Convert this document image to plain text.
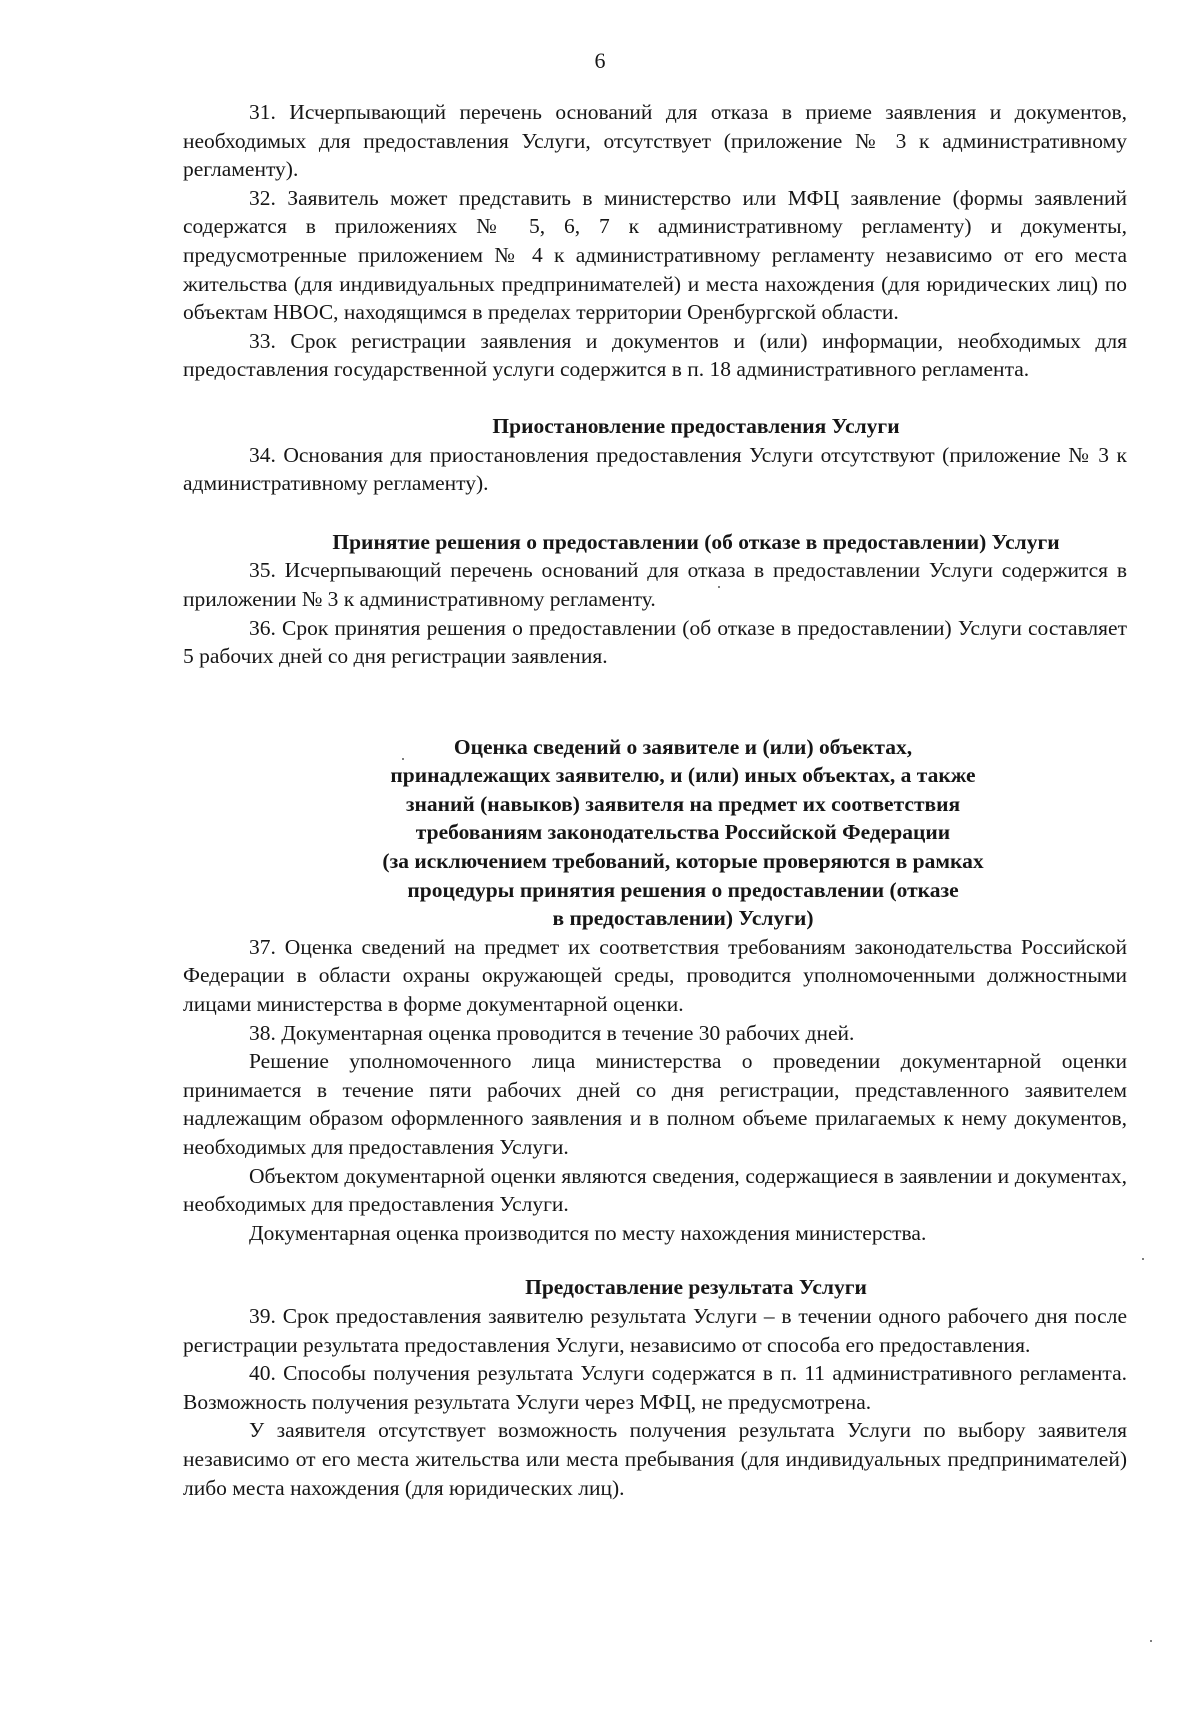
6

31. Исчерпывающий перечень оснований для отказа в приеме заявления и документов, необходимых для предоставления Услуги, отсутствует (приложение № 3 к административному регламенту).

32. Заявитель может представить в министерство или МФЦ заявление (формы заявлений содержатся в приложениях № 5, 6, 7 к административному регламенту) и документы, предусмотренные приложением № 4 к административному регламенту независимо от его места жительства (для индивидуальных предпринимателей) и места нахождения (для юридических лиц) по объектам НВОС, находящимся в пределах территории Оренбургской области.

33. Срок регистрации заявления и документов и (или) информации, необходимых для предоставления государственной услуги содержится в п. 18 административного регламента.

Приостановление предоставления Услуги

34. Основания для приостановления предоставления Услуги отсутствуют (приложение № 3 к административному регламенту).

Принятие решения о предоставлении (об отказе в предоставлении) Услуги

35. Исчерпывающий перечень оснований для отказа в предоставлении Услуги содержится в приложении № 3 к административному регламенту.

36. Срок принятия решения о предоставлении (об отказе в предоставлении) Услуги составляет 5 рабочих дней со дня регистрации заявления.

Оценка сведений о заявителе и (или) объектах,
принадлежащих заявителю, и (или) иных объектах, а также
знаний (навыков) заявителя на предмет их соответствия
требованиям законодательства Российской Федерации
(за исключением требований, которые проверяются в рамках
процедуры принятия решения о предоставлении (отказе
в предоставлении) Услуги)

37. Оценка сведений на предмет их соответствия требованиям законодательства Российской Федерации в области охраны окружающей среды, проводится уполномоченными должностными лицами министерства в форме документарной оценки.

38. Документарная оценка проводится в течение 30 рабочих дней.

Решение уполномоченного лица министерства о проведении документарной оценки принимается в течение пяти рабочих дней со дня регистрации, представленного заявителем надлежащим образом оформленного заявления и в полном объеме прилагаемых к нему документов, необходимых для предоставления Услуги.

Объектом документарной оценки являются сведения, содержащиеся в заявлении и документах, необходимых для предоставления Услуги.

Документарная оценка производится по месту нахождения министерства.

Предоставление результата Услуги

39. Срок предоставления заявителю результата Услуги – в течении одного рабочего дня после регистрации результата предоставления Услуги, независимо от способа его предоставления.

40. Способы получения результата Услуги содержатся в п. 11 административного регламента. Возможность получения результата Услуги через МФЦ, не предусмотрена.

У заявителя отсутствует возможность получения результата Услуги по выбору заявителя независимо от его места жительства или места пребывания (для индивидуальных предпринимателей) либо места нахождения (для юридических лиц).
